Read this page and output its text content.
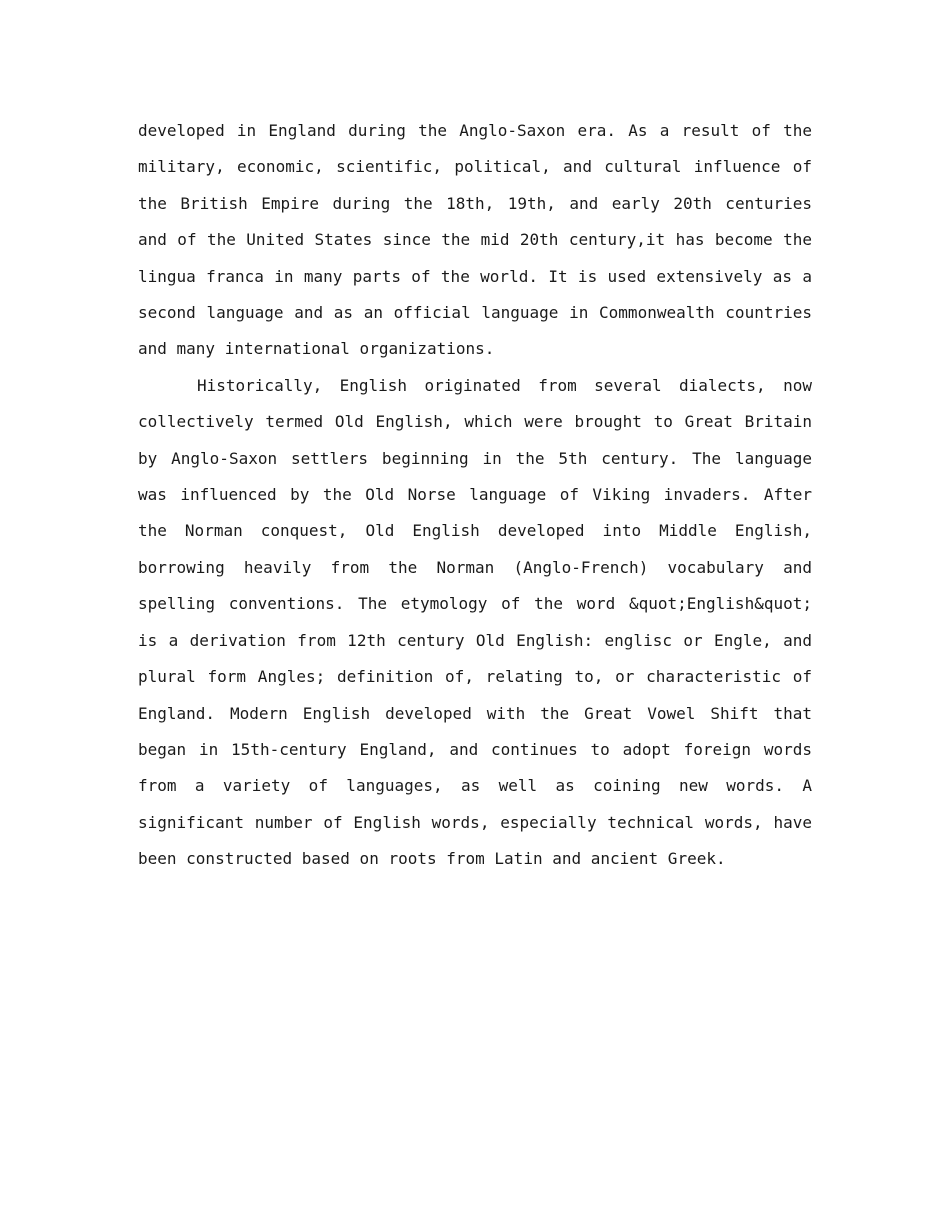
developed in England during the Anglo-Saxon era. As a result of the military, economic, scientific, political, and cultural influence of the British Empire during the 18th, 19th, and early 20th centuries and of the United States since the mid 20th century,it has become the lingua franca in many parts of the world. It is used extensively as a second language and as an official language in Commonwealth countries and many international organizations.

Historically, English originated from several dialects, now collectively termed Old English, which were brought to Great Britain by Anglo-Saxon settlers beginning in the 5th century. The language was influenced by the Old Norse language of Viking invaders. After the Norman conquest, Old English developed into Middle English, borrowing heavily from the Norman (Anglo-French) vocabulary and spelling conventions. The etymology of the word &quot;English&quot; is a derivation from 12th century Old English: englisc or Engle, and plural form Angles; definition of, relating to, or characteristic of England. Modern English developed with the Great Vowel Shift that began in 15th-century England, and continues to adopt foreign words from a variety of languages, as well as coining new words. A significant number of English words, especially technical words, have been constructed based on roots from Latin and ancient Greek.
